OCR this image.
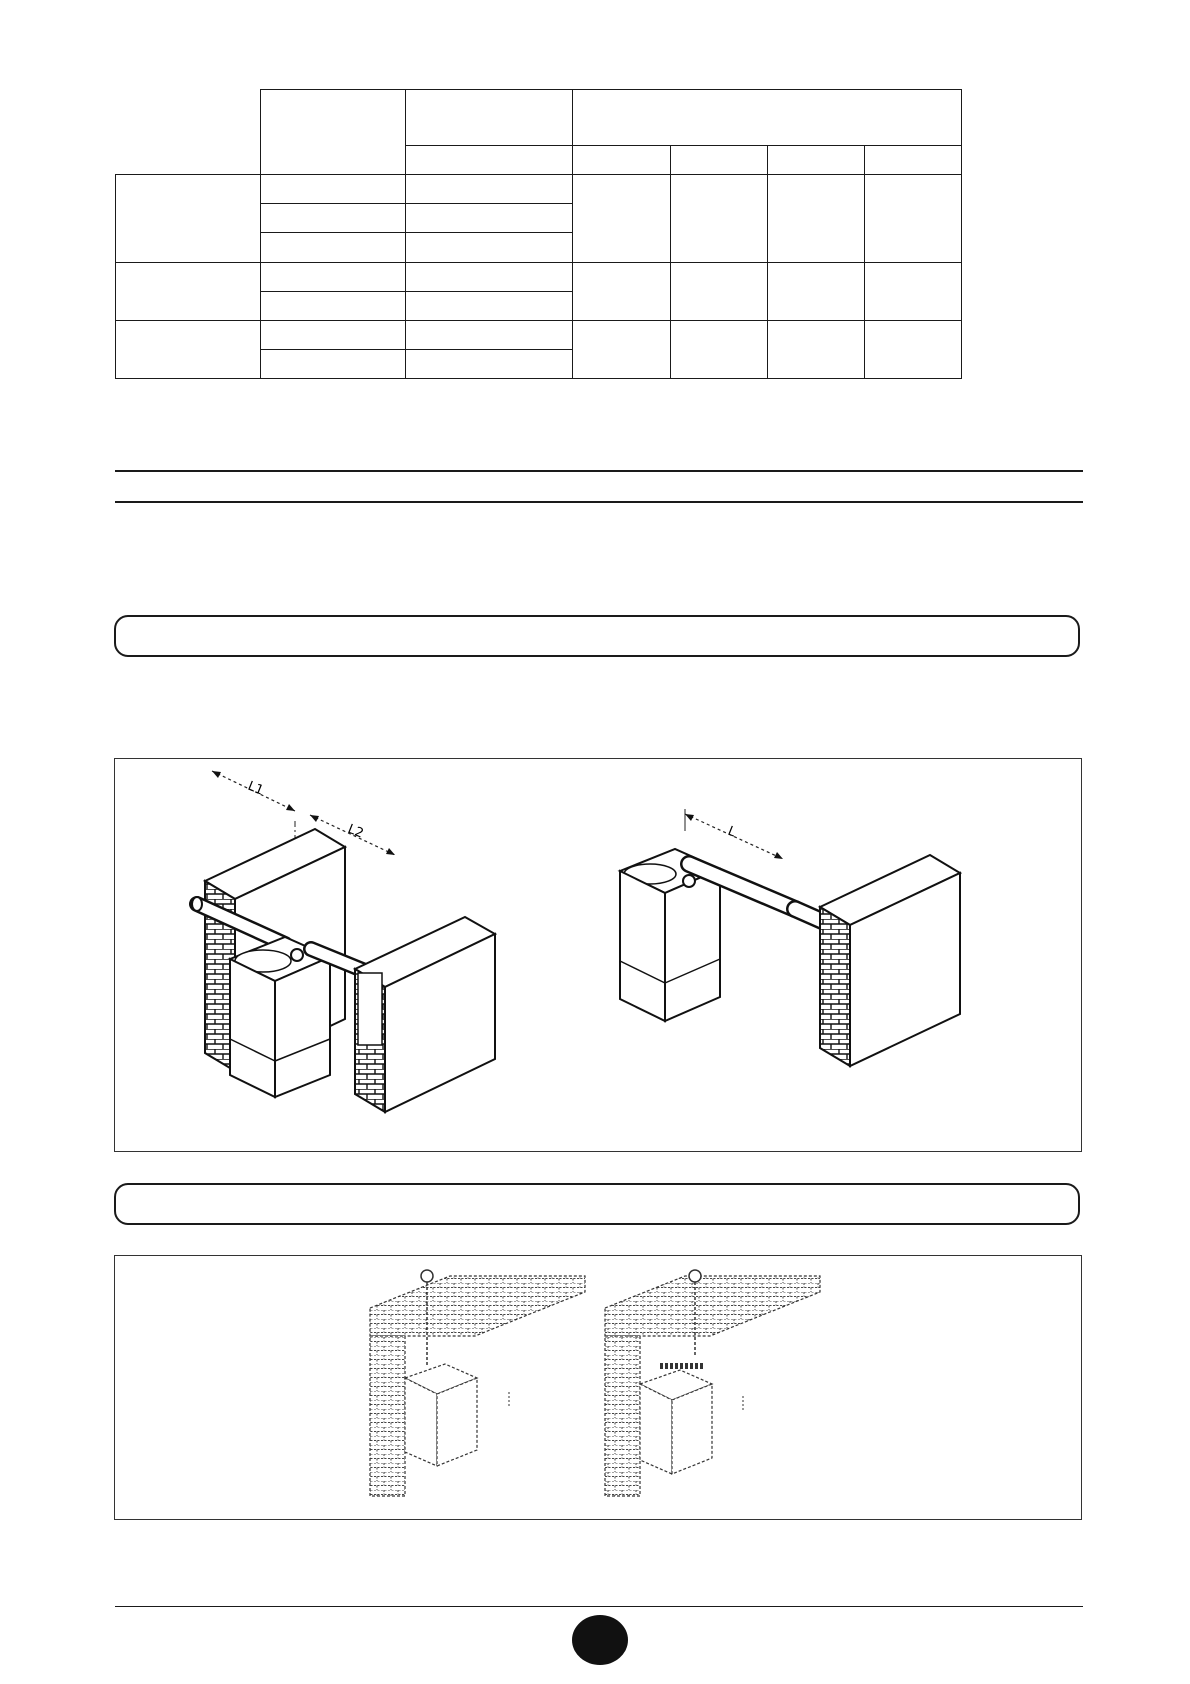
L1
L2	L
